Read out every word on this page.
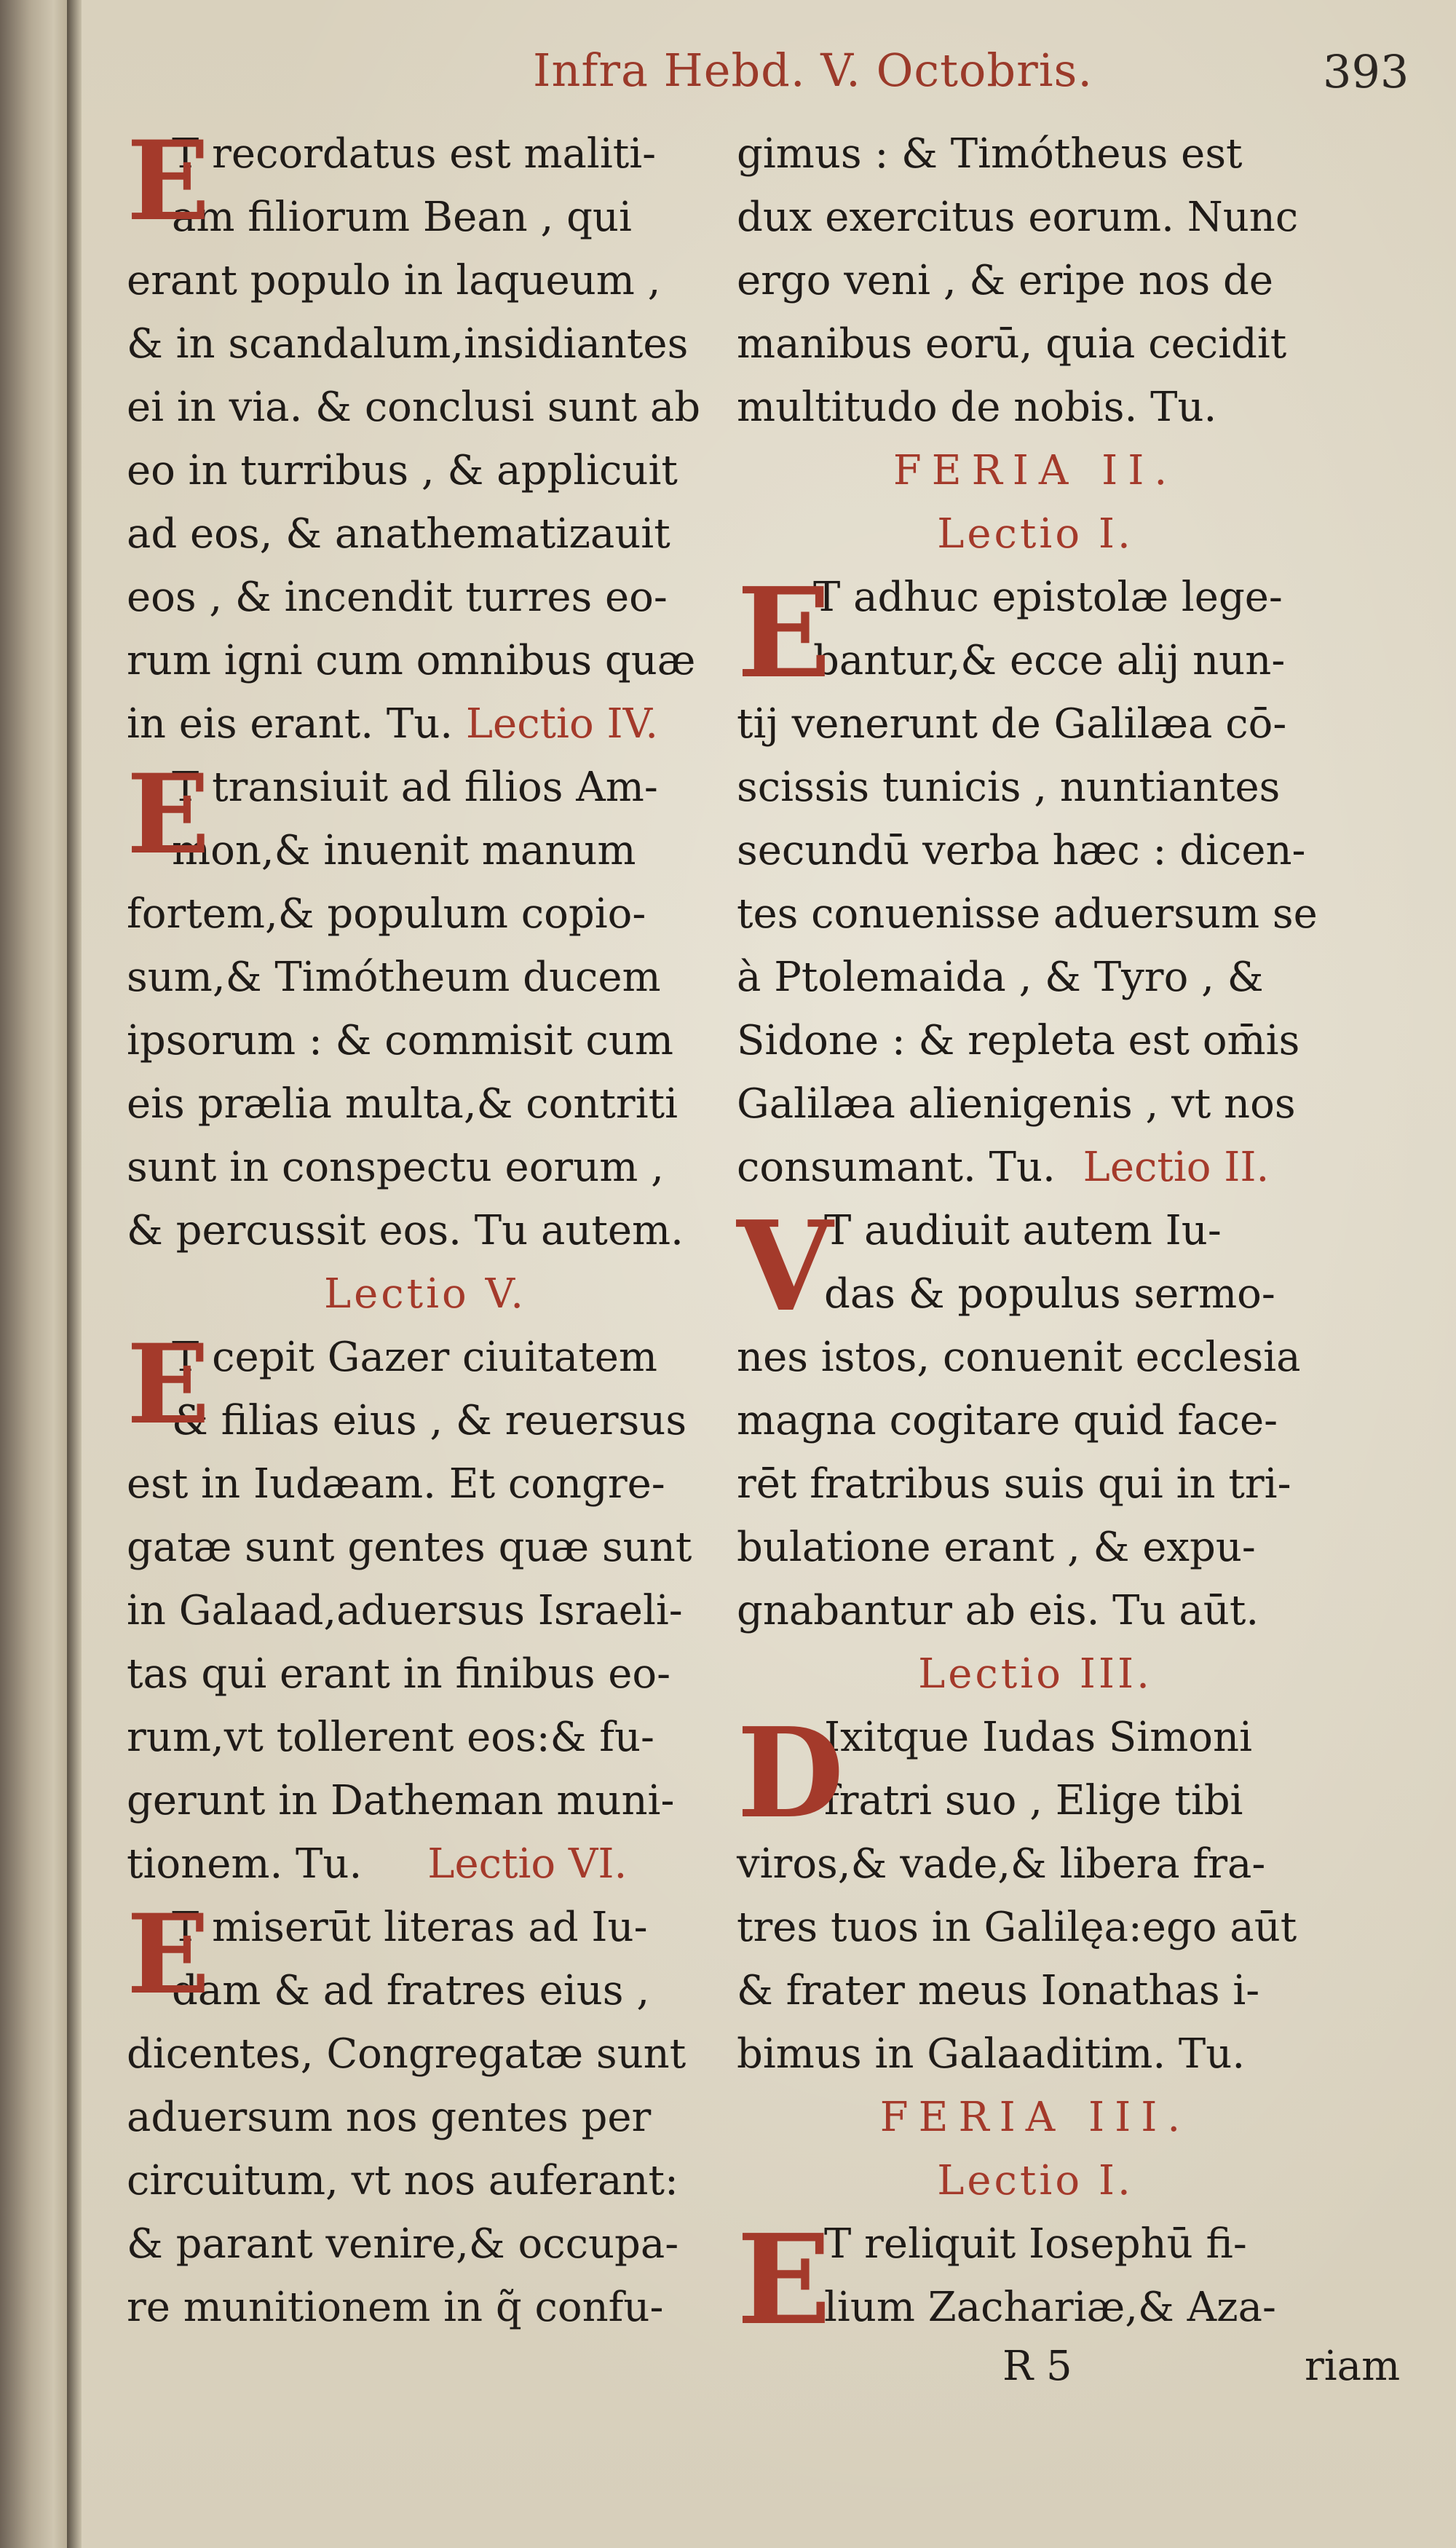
Infra Hebd. V. Octobris.	393
E
T recordatus est maliti-
am filiorum Bean , qui
erant populo in laqueum ,
& in scandalum,insidiantes
ei in via. & conclusi sunt ab
eo in turribus , & applicuit
ad eos, & anathematizauit
eos , & incendit turres eo-
rum igni cum omnibus quæ
in eis erant. Tu. Lectio IV.
E
T transiuit ad filios Am-
mon,& inuenit manum
fortem,& populum copio-
sum,& Timótheum ducem
ipsorum : & commisit cum
eis prælia multa,& contriti
sunt in conspectu eorum ,
& percussit eos. Tu autem.
Lectio V.
E
T cepit Gazer ciuitatem
& filias eius , & reuersus
est in Iudæam. Et congre-
gatæ sunt gentes quæ sunt
in Galaad,aduersus Israeli-
tas qui erant in finibus eo-
rum,vt tollerent eos:& fu-
gerunt in Datheman muni-
tionem. Tu. Lectio VI.
E
T miserūt literas ad Iu-
dam & ad fratres eius ,
dicentes, Congregatæ sunt
aduersum nos gentes per
circuitum, vt nos auferant:
& parant venire,& occupa-
re munitionem in q̃ confu-
gimus : & Timótheus est
dux exercitus eorum. Nunc
ergo veni , & eripe nos de
manibus eorū, quia cecidit
multitudo de nobis. Tu.
FERIA II.
Lectio I.
E
T adhuc epistolæ lege-
bantur,& ecce alij nun-
tij venerunt de Galilæa cō-
scissis tunicis , nuntiantes
secundū verba hæc : dicen-
tes conuenisse aduersum se
à Ptolemaida , & Tyro , &
Sidone : & repleta est om̄is
Galilæa alienigenis , vt nos
consumant. Tu. Lectio II.
V
T audiuit autem Iu-
das & populus sermo-
nes istos, conuenit ecclesia
magna cogitare quid face-
rēt fratribus suis qui in tri-
bulatione erant , & expu-
gnabantur ab eis. Tu aūt.
Lectio III.
D
Ixitque Iudas Simoni
fratri suo , Elige tibi
viros,& vade,& libera fra-
tres tuos in Galilęa:ego aūt
& frater meus Ionathas i-
bimus in Galaaditim. Tu.
FERIA III.
Lectio I.
E
T reliquit Iosephū fi-
lium Zachariæ,& Aza-
R 5	riam
